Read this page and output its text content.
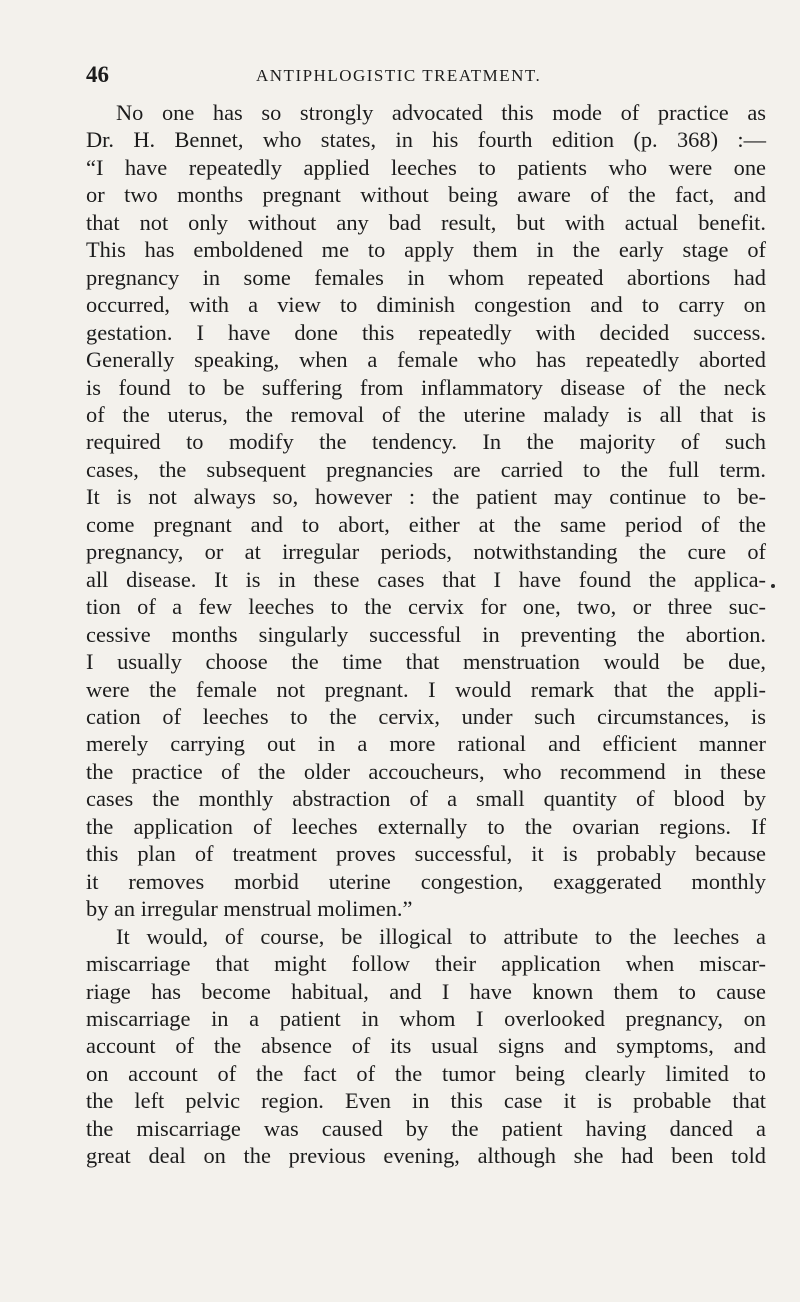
46	ANTIPHLOGISTIC TREATMENT.
No one has so strongly advocated this mode of practice as
Dr. H. Bennet, who states, in his fourth edition (p. 368) :—
“I have repeatedly applied leeches to patients who were one
or two months pregnant without being aware of the fact, and
that not only without any bad result, but with actual benefit.
This has emboldened me to apply them in the early stage of
pregnancy in some females in whom repeated abortions had
occurred, with a view to diminish congestion and to carry on
gestation. I have done this repeatedly with decided success.
Generally speaking, when a female who has repeatedly aborted
is found to be suffering from inflammatory disease of the neck
of the uterus, the removal of the uterine malady is all that is
required to modify the tendency. In the majority of such
cases, the subsequent pregnancies are carried to the full term.
It is not always so, however : the patient may continue to be-
come pregnant and to abort, either at the same period of the
pregnancy, or at irregular periods, notwithstanding the cure of
all disease. It is in these cases that I have found the applica-
tion of a few leeches to the cervix for one, two, or three suc-
cessive months singularly successful in preventing the abortion.
I usually choose the time that menstruation would be due,
were the female not pregnant. I would remark that the appli-
cation of leeches to the cervix, under such circumstances, is
merely carrying out in a more rational and efficient manner
the practice of the older accoucheurs, who recommend in these
cases the monthly abstraction of a small quantity of blood by
the application of leeches externally to the ovarian regions. If
this plan of treatment proves successful, it is probably because
it removes morbid uterine congestion, exaggerated monthly
by an irregular menstrual molimen.”
It would, of course, be illogical to attribute to the leeches a
miscarriage that might follow their application when miscar-
riage has become habitual, and I have known them to cause
miscarriage in a patient in whom I overlooked pregnancy, on
account of the absence of its usual signs and symptoms, and
on account of the fact of the tumor being clearly limited to
the left pelvic region. Even in this case it is probable that
the miscarriage was caused by the patient having danced a
great deal on the previous evening, although she had been told
